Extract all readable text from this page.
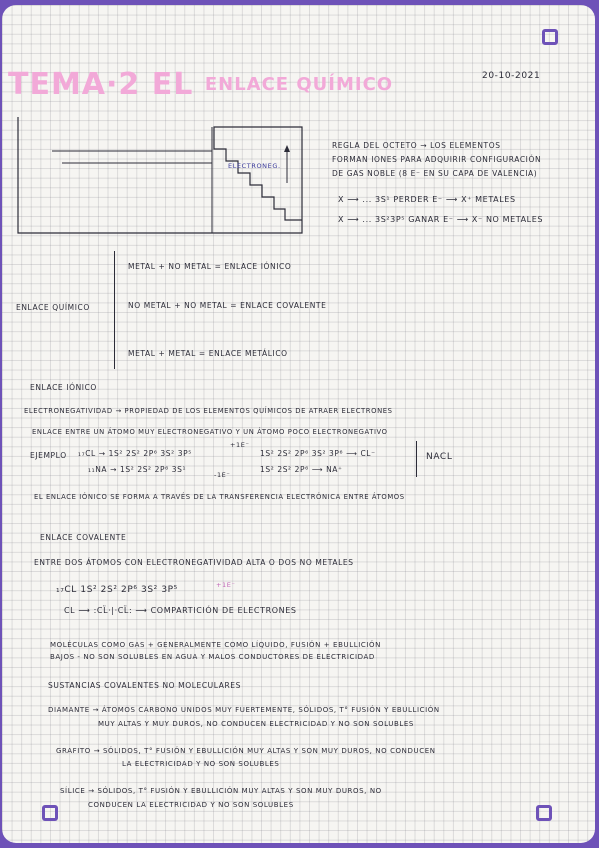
TEMA·2 EL ENLACE QUÍMICO	20-10-2021
ELECTRONEG.
REGLA DEL OCTETO → LOS ELEMENTOS
FORMAN IONES PARA ADQUIRIR CONFIGURACIÓN
DE GAS NOBLE (8 E⁻ EN SU CAPA DE VALENCIA)
X ⟶ ... 3S¹ PERDER E⁻ ⟶ X⁺ METALES
X ⟶ ... 3S²3P⁵ GANAR E⁻ ⟶ X⁻ NO METALES
ENLACE QUÍMICO
METAL + NO METAL = ENLACE IÓNICO
NO METAL + NO METAL = ENLACE COVALENTE
METAL + METAL = ENLACE METÁLICO
ENLACE IÓNICO
ELECTRONEGATIVIDAD → PROPIEDAD DE LOS ELEMENTOS QUÍMICOS DE ATRAER ELECTRONES
ENLACE ENTRE UN ÁTOMO MUY ELECTRONEGATIVO Y UN ÁTOMO POCO ELECTRONEGATIVO
EJEMPLO ₁₇CL → 1S² 2S² 2P⁶ 3S² 3P⁵
+1E⁻
1S² 2S² 2P⁶ 3S² 3P⁶ ⟶ CL⁻
₁₁NA → 1S² 2S² 2P⁶ 3S¹
-1E⁻
1S² 2S² 2P⁶ ⟶ NA⁺
NACL
EL ENLACE IÓNICO SE FORMA A TRAVÉS DE LA TRANSFERENCIA ELECTRÓNICA ENTRE ÁTOMOS
ENLACE COVALENTE
ENTRE DOS ÁTOMOS CON ELECTRONEGATIVIDAD ALTA O DOS NO METALES
₁₇CL 1S² 2S² 2P⁶ 3S² 3P⁵	+1E⁻
CL ⟶ :CL̈·|·CL̈: ⟶ COMPARTICIÓN DE ELECTRONES
MOLÉCULAS COMO GAS + GENERALMENTE COMO LÍQUIDO, FUSIÓN + EBULLICIÓN
BAJOS - NO SON SOLUBLES EN AGUA Y MALOS CONDUCTORES DE ELECTRICIDAD
SUSTANCIAS COVALENTES NO MOLECULARES
DIAMANTE → ÁTOMOS CARBONO UNIDOS MUY FUERTEMENTE, SÓLIDOS, T° FUSIÓN Y EBULLICIÓN
MUY ALTAS Y MUY DUROS, NO CONDUCEN ELECTRICIDAD Y NO SON SOLUBLES
GRAFITO → SÓLIDOS, T° FUSIÓN Y EBULLICIÓN MUY ALTAS Y SON MUY DUROS, NO CONDUCEN
LA ELECTRICIDAD Y NO SON SOLUBLES
SÍLICE → SÓLIDOS, T° FUSIÓN Y EBULLICIÓN MUY ALTAS Y SON MUY DUROS, NO
CONDUCEN LA ELECTRICIDAD Y NO SON SOLUBLES
